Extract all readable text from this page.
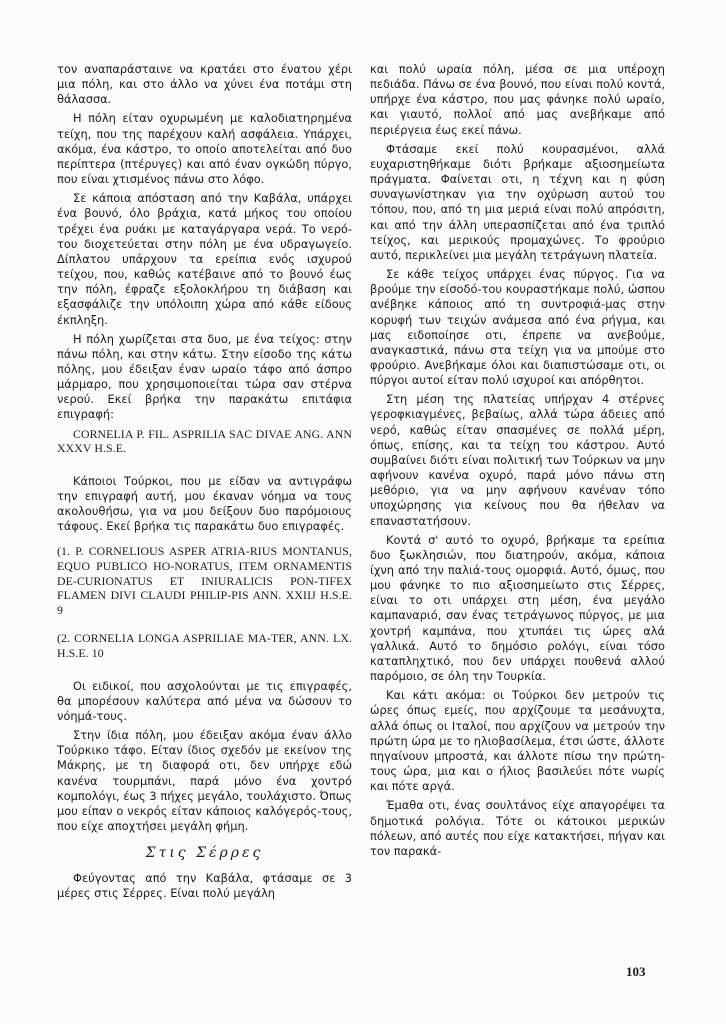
τον αναπαράσταινε να κρατάει στο ένατου χέρι μια πόλη, και στο άλλο να χύνει ένα ποτάμι στη θάλασσα.

Η πόλη είταν οχυρωμένη με καλοδιατηρημένα τείχη, που της παρέχουν καλή ασφάλεια. Υπάρχει, ακόμα, ένα κάστρο, το οποίο αποτελείται από δυο περίπτερα (πτέρυγες) και από έναν ογκώδη πύργο, που είναι χτισμένος πάνω στο λόφο.

Σε κάποια απόσταση από την Καβάλα, υπάρχει ένα βουνό, όλο βράχια, κατά μήκος του οποίου τρέχει ένα ρυάκι με καταγάργαρα νερά. Το νερό-του διοχετεύεται στην πόλη με ένα υδραγωγείο. Δίπλατου υπάρχουν τα ερείπια ενός ισχυρού τείχου, που, καθώς κατέβαινε από το βουνό έως την πόλη, έφραζε εξολοκλήρου τη διάβαση και εξασφάλιζε την υπόλοιπη χώρα από κάθε είδους έκπληξη.

Η πόλη χωρίζεται στα δυο, με ένα τείχος: στην πάνω πόλη, και στην κάτω. Στην είσοδο της κάτω πόλης, μου έδειξαν έναν ωραίο τάφο από άσπρο μάρμαρο, που χρησιμοποιείται τώρα σαν στέρνα νερού. Εκεί βρήκα την παρακάτω επιτάφια επιγραφή:

CORNELIA P. FIL. ASPRILIA SAC DIVAE ANG. ANN XXXV H.S.E.

Κάποιοι Τούρκοι, που με είδαν να αντιγράφω την επιγραφή αυτή, μου έκαναν νόημα να τους ακολουθήσω, για να μου δείξουν δυο παρόμοιους τάφους. Εκεί βρήκα τις παρακάτω δυο επιγραφές.

(1. P. CORNELIOUS ASPER ATRIA-RIUS MONTANUS, EQUO PUBLICO HO-NORATUS, ITEM ORNAMENTIS DE-CURIONATUS ET INIURALICIS PON-TIFEX FLAMEN DIVI CLAUDI PHILIP-PIS ANN. XXIIJ H.S.E. 9

(2. CORNELIA LONGA ASPRILIAE MA-TER, ANN. LX. H.S.E. 10

Οι ειδικοί, που ασχολούνται με τις επιγραφές, θα μπορέσουν καλύτερα από μένα να δώσουν το νόημά-τους.

Στην ίδια πόλη, μου έδειξαν ακόμα έναν άλλο Τούρκικο τάφο. Είταν ίδιος σχεδόν με εκείνον της Μάκρης, με τη διαφορά οτι, δεν υπήρχε εδώ κανένα τουρμπάνι, παρά μόνο ένα χοντρό κομπολόγι, έως 3 πήχες μεγάλο, τουλάχιστο. Όπως μου είπαν ο νεκρός είταν κάποιος καλόγερός-τους, που είχε αποχτήσει μεγάλη φήμη.

Στις Σέρρες

Φεύγοντας από την Καβάλα, φτάσαμε σε 3 μέρες στις Σέρρες. Είναι πολύ μεγάλη

και πολύ ωραία πόλη, μέσα σε μια υπέροχη πεδιάδα. Πάνω σε ένα βουνό, που είναι πολύ κοντά, υπήρχε ένα κάστρο, που μας φάνηκε πολύ ωραίο, και γιαυτό, πολλοί από μας ανεβήκαμε από περιέργεια έως εκεί πάνω.

Φτάσαμε εκεί πολύ κουρασμένοι, αλλά ευχαριστηθήκαμε διότι βρήκαμε αξιοσημείωτα πράγματα. Φαίνεται οτι, η τέχνη και η φύση συναγωνίστηκαν για την οχύρωση αυτού του τόπου, που, από τη μια μεριά είναι πολύ απρόσιτη, και από την άλλη υπερασπίζεται από ένα τριπλό τείχος, και μερικούς προμαχώνες. Το φρούριο αυτό, περικλείνει μια μεγάλη τετράγωνη πλατεία.

Σε κάθε τείχος υπάρχει ένας πύργος. Για να βρούμε την είσοδό-του κουραστήκαμε πολύ, ώσπου ανέβηκε κάποιος από τη συντροφιά-μας στην κορυφή των τειχών ανάμεσα από ένα ρήγμα, και μας ειδοποίησε οτι, έπρεπε να ανεβούμε, αναγκαστικά, πάνω στα τείχη για να μπούμε στο φρούριο. Ανεβήκαμε όλοι και διαπιστώσαμε οτι, οι πύργοι αυτοί είταν πολύ ισχυροί και απόρθητοι.

Στη μέση της πλατείας υπήρχαν 4 στέρνες γεροφκιαγμένες, βεβαίως, αλλά τώρα άδειες από νερό, καθώς είταν σπασμένες σε πολλά μέρη, όπως, επίσης, και τα τείχη του κάστρου. Αυτό συμβαίνει διότι είναι πολιτική των Τούρκων να μην αφήνουν κανένα οχυρό, παρά μόνο πάνω στη μεθόριο, για να μην αφήνουν κανέναν τόπο υποχώρησης για κείνους που θα ήθελαν να επαναστατήσουν.

Κοντά σ' αυτό το οχυρό, βρήκαμε τα ερείπια δυο ξωκλησιών, που διατηρούν, ακόμα, κάποια ίχνη από την παλιά-τους ομορφιά. Αυτό, όμως, που μου φάνηκε το πιο αξιοσημείωτο στις Σέρρες, είναι το οτι υπάρχει στη μέση, ένα μεγάλο καμπαναριό, σαν ένας τετράγωνος πύργος, με μια χοντρή καμπάνα, που χτυπάει τις ώρες αλά γαλλικά. Αυτό το δημόσιο ρολόγι, είναι τόσο καταπληχτικό, που δεν υπάρχει πουθενά αλλού παρόμοιο, σε όλη την Τουρκία.

Και κάτι ακόμα: οι Τούρκοι δεν μετρούν τις ώρες όπως εμείς, που αρχίζουμε τα μεσάνυχτα, αλλά όπως οι Ιταλοί, που αρχίζουν να μετρούν την πρώτη ώρα με το ηλιοβασίλεμα, έτσι ώστε, άλλοτε πηγαίνουν μπροστά, και άλλοτε πίσω την πρώτη-τους ώρα, μια και ο ήλιος βασιλεύει πότε νωρίς και πότε αργά.

Έμαθα οτι, ένας σουλτάνος είχε απαγορέψει τα δημοτικά ρολόγια. Τότε οι κάτοικοι μερικών πόλεων, από αυτές που είχε κατακτήσει, πήγαν και τον παρακά-

103
